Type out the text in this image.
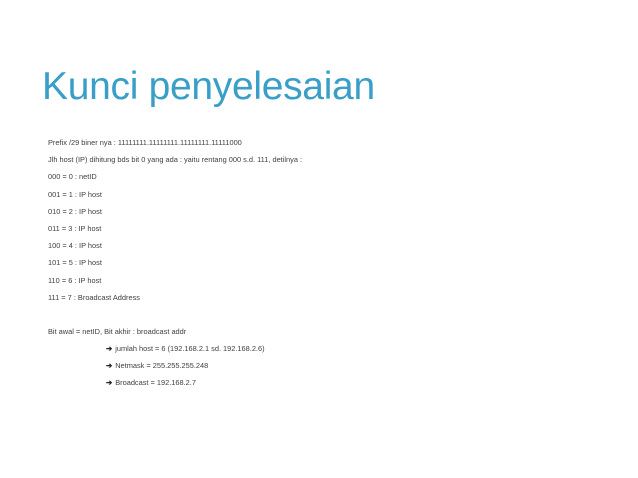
Kunci penyelesaian
Prefix /29 biner nya : 11111111.11111111.11111111.11111000
Jlh host (IP) dihitung bds bit 0 yang ada : yaitu rentang 000 s.d. 111, detilnya :
000 = 0 : netID
001 = 1 : IP host
010 = 2 : IP host
011 = 3 : IP host
100 = 4 : IP host
101 = 5 : IP host
110 = 6 : IP host
111 = 7 : Broadcast Address
Bit awal = netID, Bit akhir : broadcast addr
➔ jumlah host = 6 (192.168.2.1 sd. 192.168.2.6)
➔ Netmask = 255.255.255.248
➔ Broadcast = 192.168.2.7
